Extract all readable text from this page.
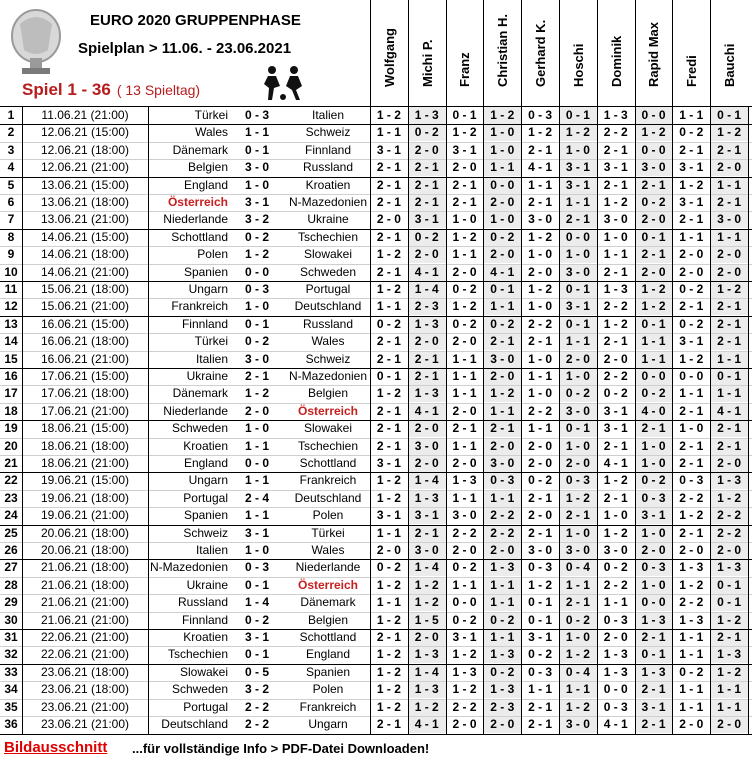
EURO 2020 GRUPPENPHASE
Spielplan > 11.06. - 23.06.2021
Spiel 1 - 36 ( 13 Spieltag)
Wolfgang Michi P. Franz Christian H. Gerhard K. Hoschi Dominik Rapid Max Fredi Bauchi
1	11.06.21 (21:00)	Türkei	0 - 3	Italien	1 - 2	1 - 3	0 - 1	1 - 2	0 - 3	0 - 1	1 - 3	0 - 0	1 - 1	0 - 1
2	12.06.21 (15:00)	Wales	1 - 1	Schweiz	1 - 1	0 - 2	1 - 2	1 - 0	1 - 2	1 - 2	2 - 2	1 - 2	0 - 2	1 - 2
3	12.06.21 (18:00)	Dänemark	0 - 1	Finnland	3 - 1	2 - 0	3 - 1	1 - 0	2 - 1	1 - 0	2 - 1	0 - 0	2 - 1	2 - 1
4	12.06.21 (21:00)	Belgien	3 - 0	Russland	2 - 1	2 - 1	2 - 0	1 - 1	4 - 1	3 - 1	3 - 1	3 - 0	3 - 1	2 - 0
5	13.06.21 (15:00)	England	1 - 0	Kroatien	2 - 1	2 - 1	2 - 1	0 - 0	1 - 1	3 - 1	2 - 1	2 - 1	1 - 2	1 - 1
6	13.06.21 (18:00)	Österreich	3 - 1	N-Mazedonien 2 - 1	2 - 1	2 - 1	2 - 0	2 - 1	1 - 1	1 - 2	0 - 2	3 - 1	2 - 1
7	13.06.21 (21:00)	Niederlande	3 - 2	Ukraine	2 - 0	3 - 1	1 - 0	1 - 0	3 - 0	2 - 1	3 - 0	2 - 0	2 - 1	3 - 0
8	14.06.21 (15:00)	Schottland	0 - 2	Tschechien	2 - 1	0 - 2	1 - 2	0 - 2	1 - 2	0 - 0	1 - 0	0 - 1	1 - 1	1 - 1
9	14.06.21 (18:00)	Polen	1 - 2	Slowakei	1 - 2	2 - 0	1 - 1	2 - 0	1 - 0	1 - 0	1 - 1	2 - 1	2 - 0	2 - 0
10	14.06.21 (21:00)	Spanien	0 - 0	Schweden	2 - 1	4 - 1	2 - 0	4 - 1	2 - 0	3 - 0	2 - 1	2 - 0	2 - 0	2 - 0
11	15.06.21 (18:00)	Ungarn	0 - 3	Portugal	1 - 2	1 - 4	0 - 2	0 - 1	1 - 2	0 - 1	1 - 3	1 - 2	0 - 2	1 - 2
12	15.06.21 (21:00)	Frankreich	1 - 0	Deutschland	1 - 1	2 - 3	1 - 2	1 - 1	1 - 0	3 - 1	2 - 2	1 - 2	2 - 1	2 - 1
13	16.06.21 (15:00)	Finnland	0 - 1	Russland	0 - 2	1 - 3	0 - 2	0 - 2	2 - 2	0 - 1	1 - 2	0 - 1	0 - 2	2 - 1
14	16.06.21 (18:00)	Türkei	0 - 2	Wales	2 - 1	2 - 0	2 - 0	2 - 1	2 - 1	1 - 1	2 - 1	1 - 1	3 - 1	2 - 1
15	16.06.21 (21:00)	Italien	3 - 0	Schweiz	2 - 1	2 - 1	1 - 1	3 - 0	1 - 0	2 - 0	2 - 0	1 - 1	1 - 2	1 - 1
16	17.06.21 (15:00)	Ukraine	2 - 1	N-Mazedonien 0 - 1	2 - 1	1 - 1	2 - 0	1 - 1	1 - 0	2 - 2	0 - 0	0 - 0	0 - 1
17	17.06.21 (18:00)	Dänemark	1 - 2	Belgien	1 - 2	1 - 3	1 - 1	1 - 2	1 - 0	0 - 2	0 - 2	0 - 2	1 - 1	1 - 1
18	17.06.21 (21:00)	Niederlande	2 - 0	Österreich	2 - 1	4 - 1	2 - 0	1 - 1	2 - 2	3 - 0	3 - 1	4 - 0	2 - 1	4 - 1
19	18.06.21 (15:00)	Schweden	1 - 0	Slowakei	2 - 1	2 - 0	2 - 1	2 - 1	1 - 1	0 - 1	3 - 1	2 - 1	1 - 0	2 - 1
20	18.06.21 (18:00)	Kroatien	1 - 1	Tschechien	2 - 1	3 - 0	1 - 1	2 - 0	2 - 0	1 - 0	2 - 1	1 - 0	2 - 1	2 - 1
21	18.06.21 (21:00)	England	0 - 0	Schottland	3 - 1	2 - 0	2 - 0	3 - 0	2 - 0	2 - 0	4 - 1	1 - 0	2 - 1	2 - 0
22	19.06.21 (15:00)	Ungarn	1 - 1	Frankreich	1 - 2	1 - 4	1 - 3	0 - 3	0 - 2	0 - 3	1 - 2	0 - 2	0 - 3	1 - 3
23	19.06.21 (18:00)	Portugal	2 - 4	Deutschland	1 - 2	1 - 3	1 - 1	1 - 1	2 - 1	1 - 2	2 - 1	0 - 3	2 - 2	1 - 2
24	19.06.21 (21:00)	Spanien	1 - 1	Polen	3 - 1	3 - 1	3 - 0	2 - 2	2 - 0	2 - 1	1 - 0	3 - 1	1 - 2	2 - 2
25	20.06.21 (18:00)	Schweiz	3 - 1	Türkei	1 - 1	2 - 1	2 - 2	2 - 2	2 - 1	1 - 0	1 - 2	1 - 0	2 - 1	2 - 2
26	20.06.21 (18:00)	Italien	1 - 0	Wales	2 - 0	3 - 0	2 - 0	2 - 0	3 - 0	3 - 0	3 - 0	2 - 0	2 - 0	2 - 0
27	21.06.21 (18:00)	N-Mazedonien	0 - 3	Niederlande	0 - 2	1 - 4	0 - 2	1 - 3	0 - 3	0 - 4	0 - 2	0 - 3	1 - 3	1 - 3
28	21.06.21 (18:00)	Ukraine	0 - 1	Österreich	1 - 2	1 - 2	1 - 1	1 - 1	1 - 2	1 - 1	2 - 2	1 - 0	1 - 2	0 - 1
29	21.06.21 (21:00)	Russland	1 - 4	Dänemark	1 - 1	1 - 2	0 - 0	1 - 1	0 - 1	2 - 1	1 - 1	0 - 0	2 - 2	0 - 1
30	21.06.21 (21:00)	Finnland	0 - 2	Belgien	1 - 2	1 - 5	0 - 2	0 - 2	0 - 1	0 - 2	0 - 3	1 - 3	1 - 3	1 - 2
31	22.06.21 (21:00)	Kroatien	3 - 1	Schottland	2 - 1	2 - 0	3 - 1	1 - 1	3 - 1	1 - 0	2 - 0	2 - 1	1 - 1	2 - 1
32	22.06.21 (21:00)	Tschechien	0 - 1	England	1 - 2	1 - 3	1 - 2	1 - 3	0 - 2	1 - 2	1 - 3	0 - 1	1 - 1	1 - 3
33	23.06.21 (18:00)	Slowakei	0 - 5	Spanien	1 - 2	1 - 4	1 - 3	0 - 2	0 - 3	0 - 4	1 - 3	1 - 3	0 - 2	1 - 2
34	23.06.21 (18:00)	Schweden	3 - 2	Polen	1 - 2	1 - 3	1 - 2	1 - 3	1 - 1	1 - 1	0 - 0	2 - 1	1 - 1	1 - 1
35	23.06.21 (21:00)	Portugal	2 - 2	Frankreich	1 - 2	1 - 2	2 - 2	2 - 3	2 - 1	1 - 2	0 - 3	3 - 1	1 - 1	1 - 1
36	23.06.21 (21:00)	Deutschland	2 - 2	Ungarn	2 - 1	4 - 1	2 - 0	2 - 0	2 - 1	3 - 0	4 - 1	2 - 1	2 - 0	2 - 0
Bildausschnitt ...für vollständige Info > PDF-Datei Downloaden!
